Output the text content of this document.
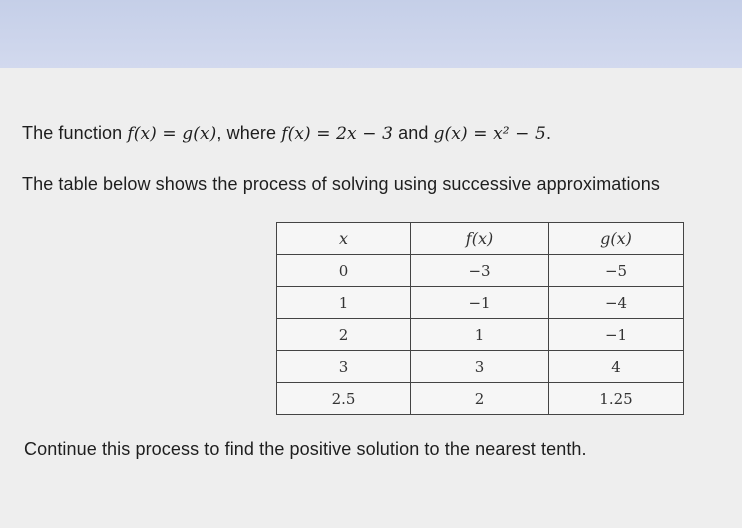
The function f(x) = g(x), where f(x) = 2x − 3 and g(x) = x² − 5.
The table below shows the process of solving using successive approximations
x	f(x)	g(x)
0	−3	−5
1	−1	−4
2	1	−1
3	3	4
2.5	2	1.25
Continue this process to find the positive solution to the nearest tenth.
